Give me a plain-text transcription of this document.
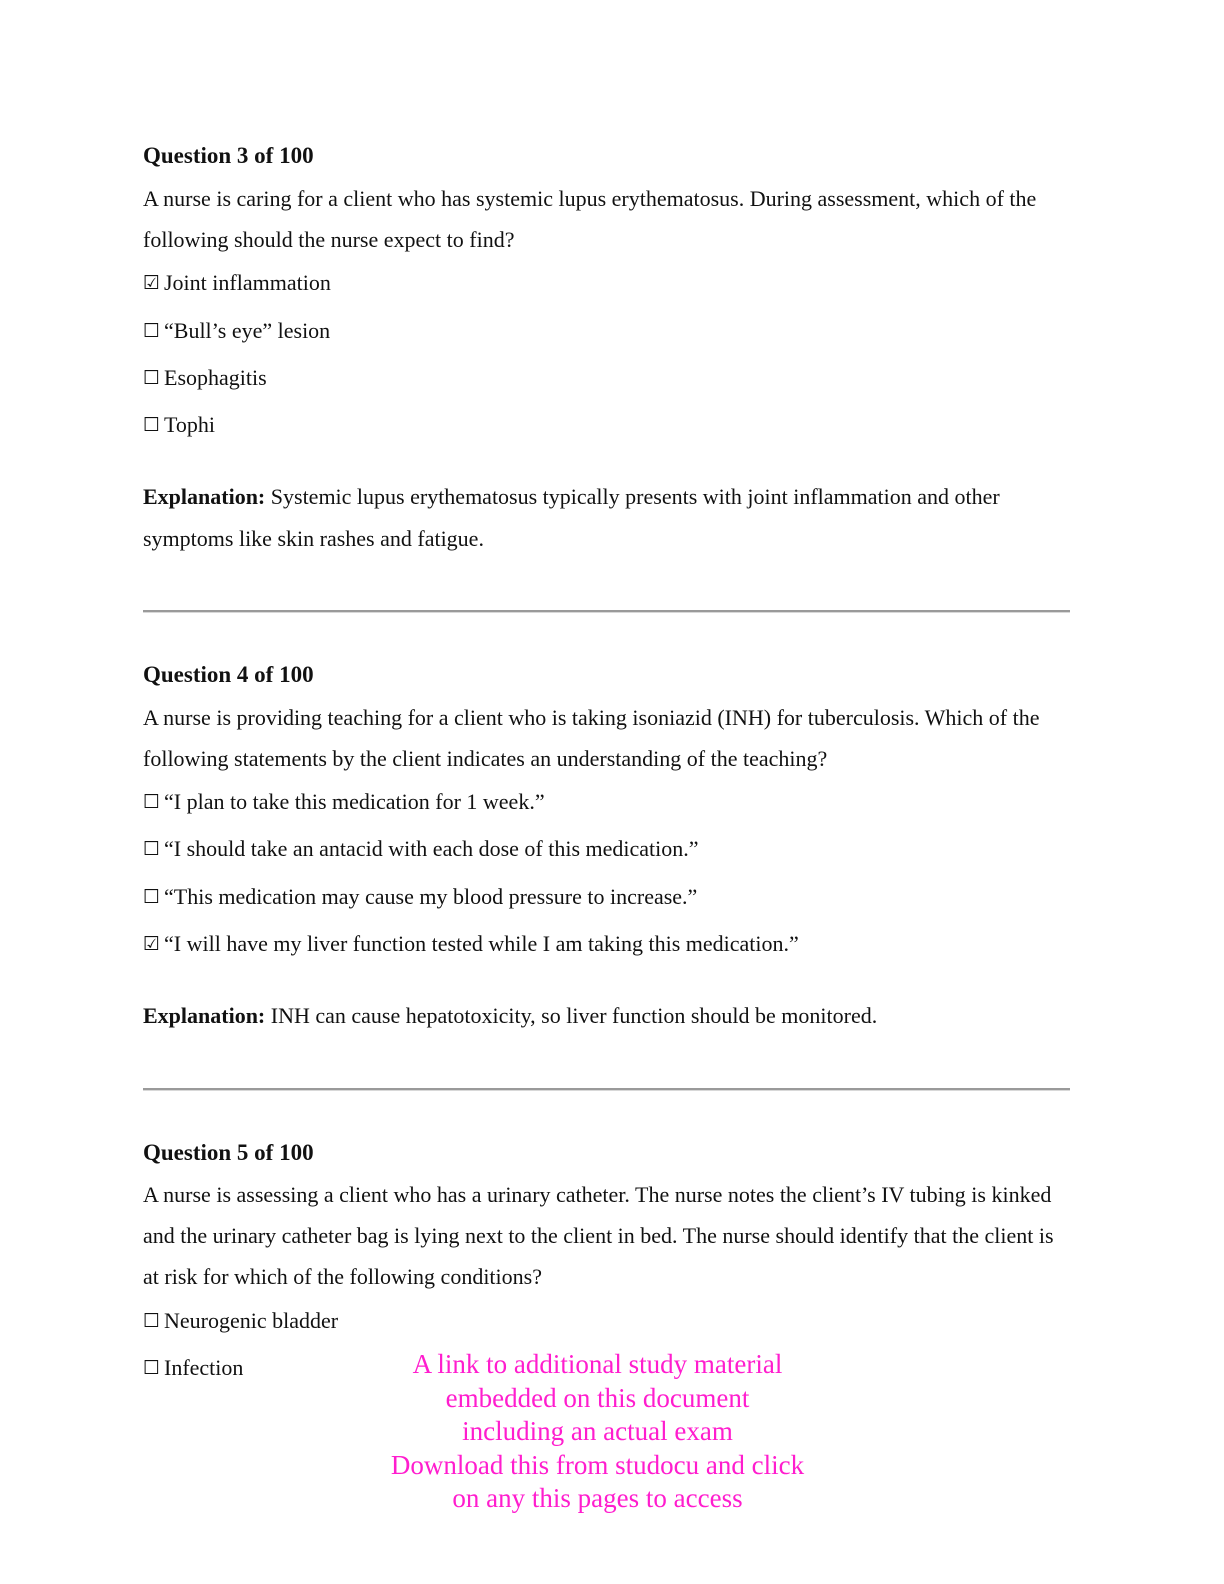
Question 3 of 100
A nurse is caring for a client who has systemic lupus erythematosus. During assessment, which of the following should the nurse expect to find?
☑ Joint inflammation
☐ “Bull’s eye” lesion
☐ Esophagitis
☐ Tophi
Explanation: Systemic lupus erythematosus typically presents with joint inflammation and other symptoms like skin rashes and fatigue.
Question 4 of 100
A nurse is providing teaching for a client who is taking isoniazid (INH) for tuberculosis. Which of the following statements by the client indicates an understanding of the teaching?
☐ “I plan to take this medication for 1 week.”
☐ “I should take an antacid with each dose of this medication.”
☐ “This medication may cause my blood pressure to increase.”
☑ “I will have my liver function tested while I am taking this medication.”
Explanation: INH can cause hepatotoxicity, so liver function should be monitored.
Question 5 of 100
A nurse is assessing a client who has a urinary catheter. The nurse notes the client’s IV tubing is kinked and the urinary catheter bag is lying next to the client in bed. The nurse should identify that the client is at risk for which of the following conditions?
☐ Neurogenic bladder
☐ Infection	A link to additional study material
embedded on this document
including an actual exam
Download this from studocu and click
on any this pages to access
